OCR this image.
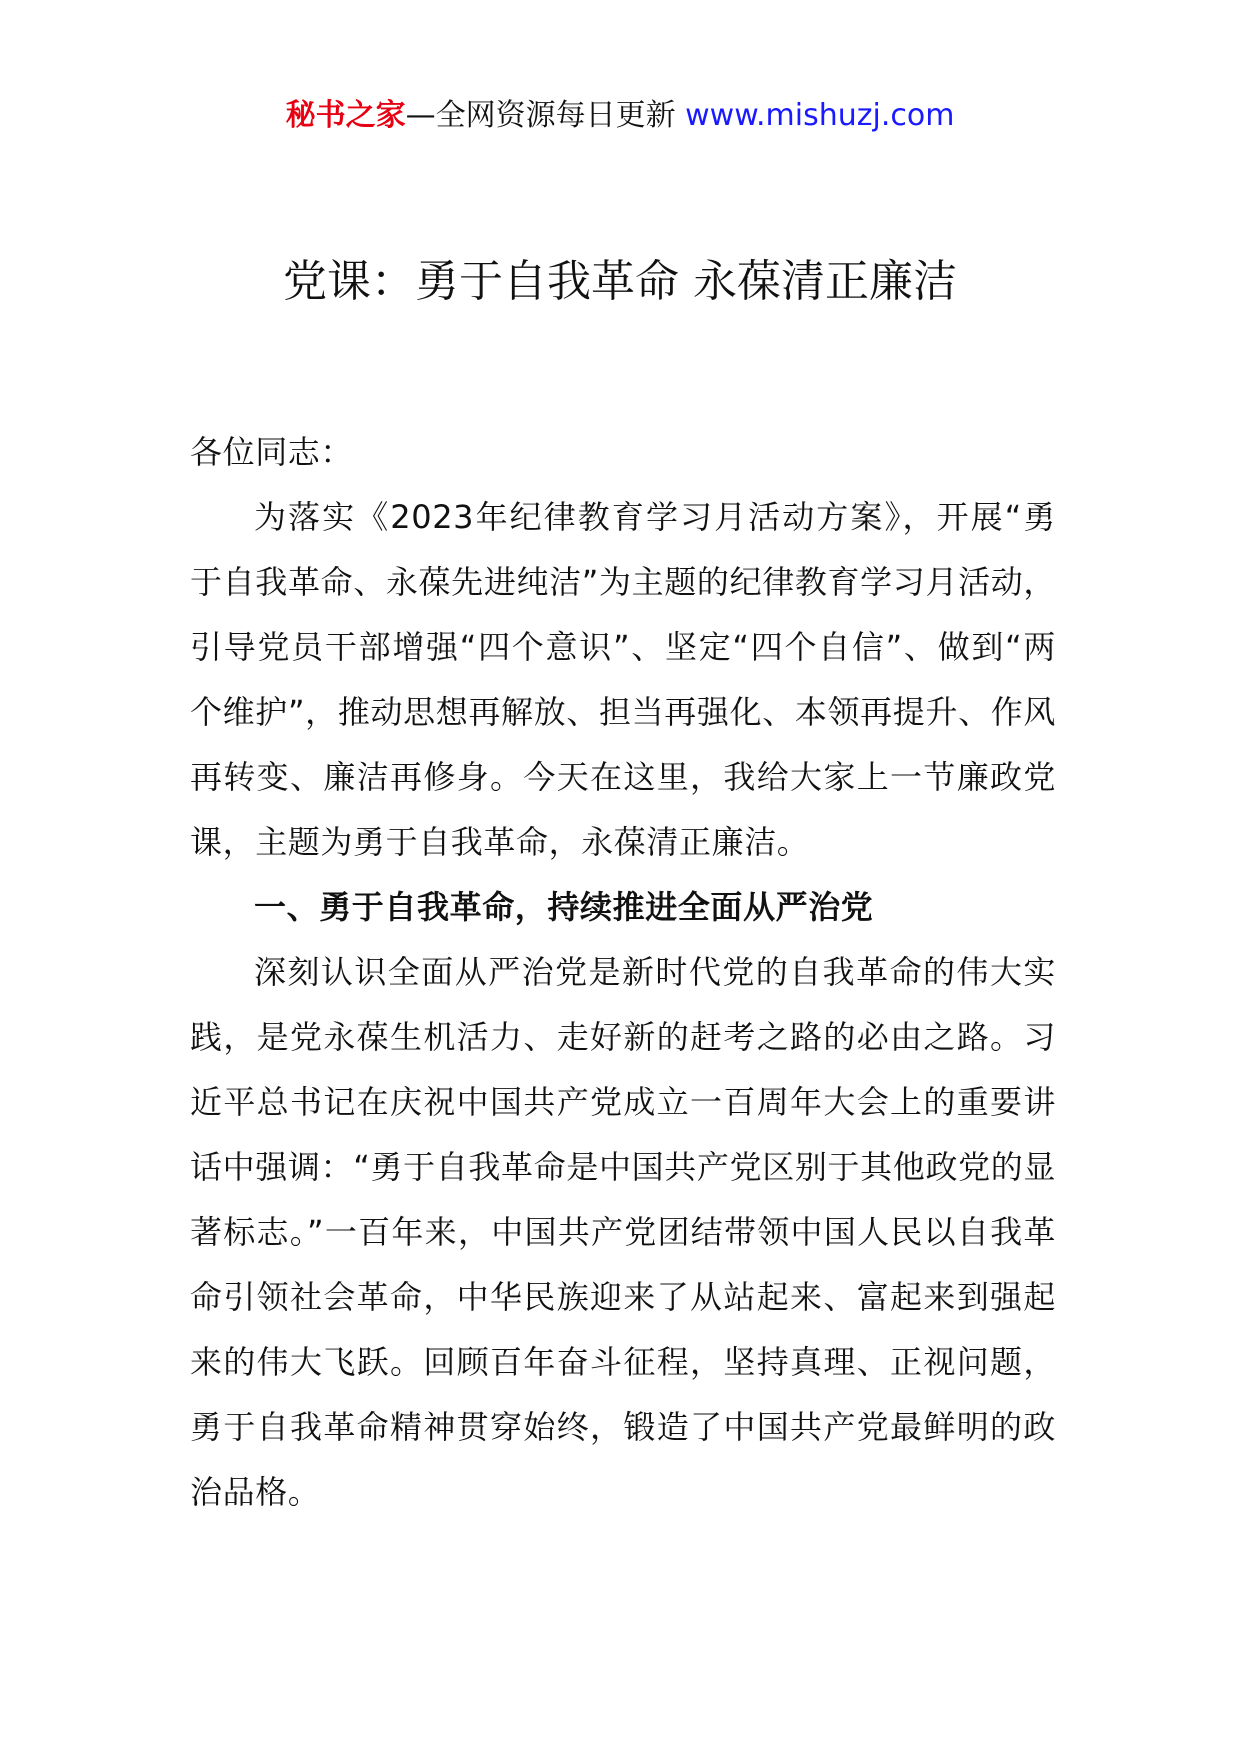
秘书之家—全网资源每日更新 www.mishuzj.com
党课：勇于自我革命 永葆清正廉洁

各位同志：

为落实《2023年纪律教育学习月活动方案》，开展“勇于自我革命、永葆先进纯洁”为主题的纪律教育学习月活动，引导党员干部增强“四个意识”、坚定“四个自信”、做到“两个维护”，推动思想再解放、担当再强化、本领再提升、作风再转变、廉洁再修身。今天在这里，我给大家上一节廉政党课，主题为勇于自我革命，永葆清正廉洁。

一、勇于自我革命，持续推进全面从严治党

深刻认识全面从严治党是新时代党的自我革命的伟大实践，是党永葆生机活力、走好新的赶考之路的必由之路。习近平总书记在庆祝中国共产党成立一百周年大会上的重要讲话中强调：“勇于自我革命是中国共产党区别于其他政党的显著标志。”一百年来，中国共产党团结带领中国人民以自我革命引领社会革命，中华民族迎来了从站起来、富起来到强起来的伟大飞跃。回顾百年奋斗征程，坚持真理、正视问题，勇于自我革命精神贯穿始终，锻造了中国共产党最鲜明的政治品格。
